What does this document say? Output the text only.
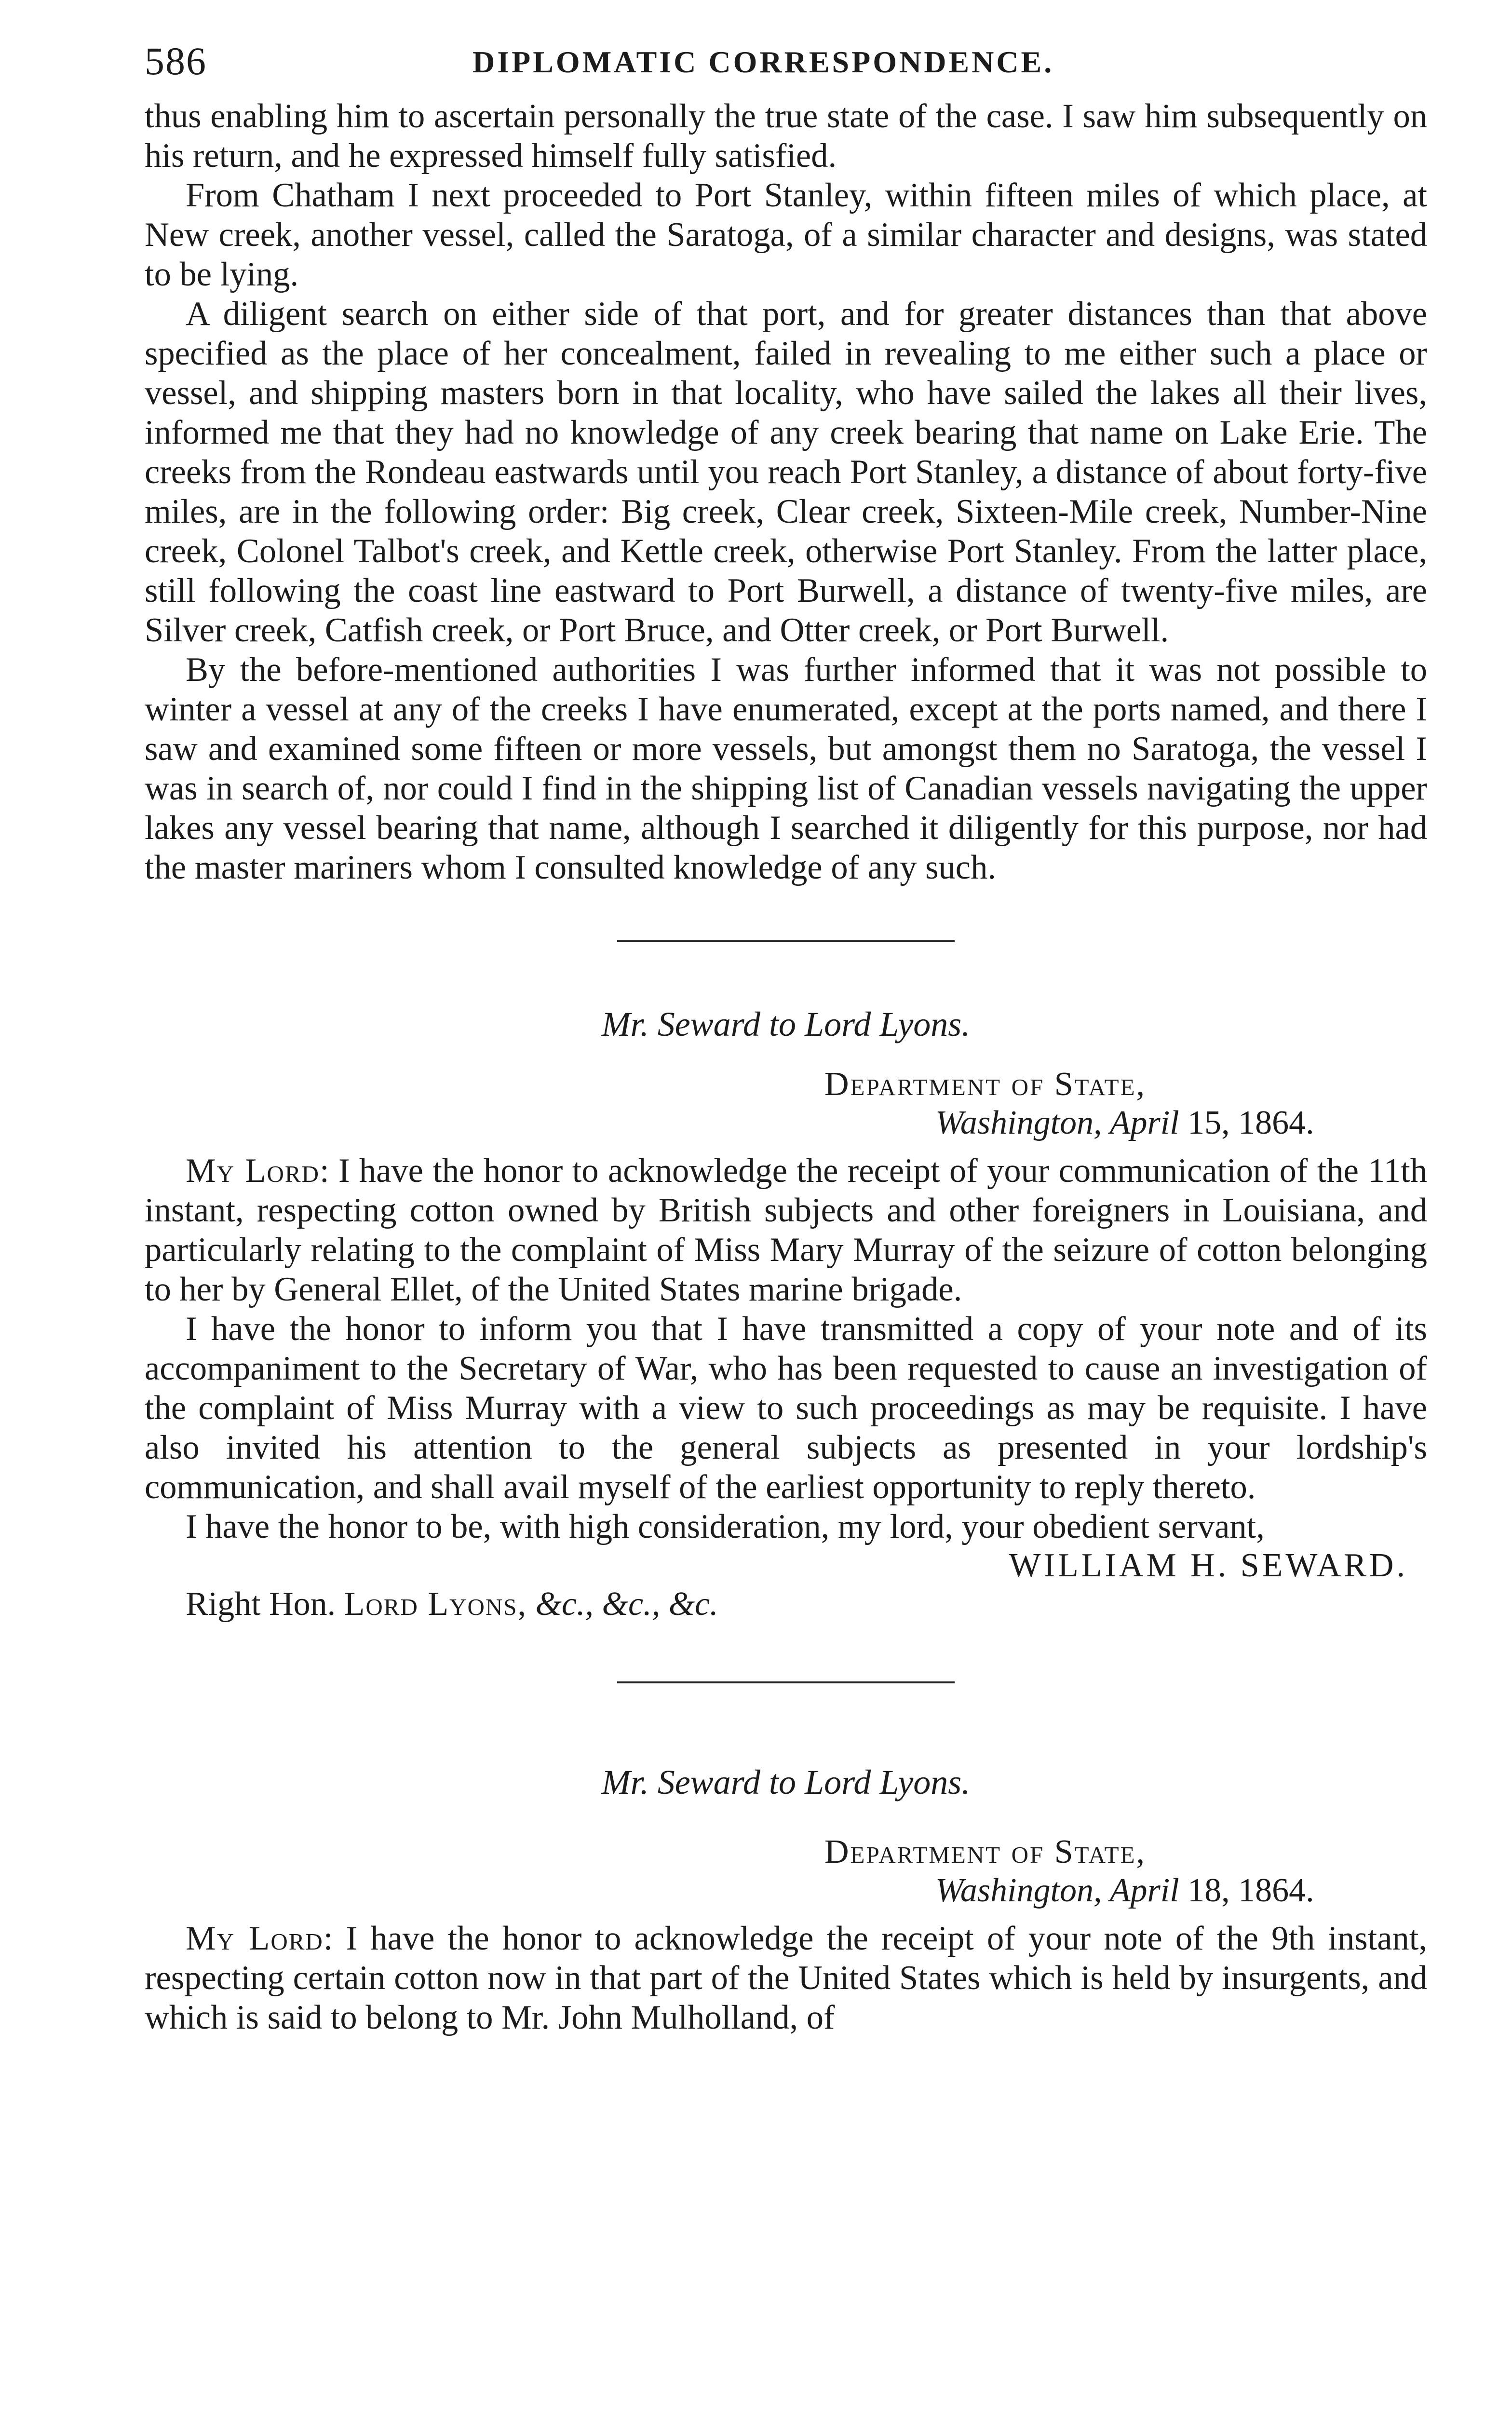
586	DIPLOMATIC CORRESPONDENCE.

thus enabling him to ascertain personally the true state of the case. I saw him subsequently on his return, and he expressed himself fully satisfied.

From Chatham I next proceeded to Port Stanley, within fifteen miles of which place, at New creek, another vessel, called the Saratoga, of a similar character and designs, was stated to be lying.

A diligent search on either side of that port, and for greater distances than that above specified as the place of her concealment, failed in revealing to me either such a place or vessel, and shipping masters born in that locality, who have sailed the lakes all their lives, informed me that they had no knowledge of any creek bearing that name on Lake Erie. The creeks from the Rondeau eastwards until you reach Port Stanley, a distance of about forty-five miles, are in the following order: Big creek, Clear creek, Sixteen-Mile creek, Number-Nine creek, Colonel Talbot's creek, and Kettle creek, otherwise Port Stanley. From the latter place, still following the coast line eastward to Port Burwell, a distance of twenty-five miles, are Silver creek, Catfish creek, or Port Bruce, and Otter creek, or Port Burwell.

By the before-mentioned authorities I was further informed that it was not possible to winter a vessel at any of the creeks I have enumerated, except at the ports named, and there I saw and examined some fifteen or more vessels, but amongst them no Saratoga, the vessel I was in search of, nor could I find in the shipping list of Canadian vessels navigating the upper lakes any vessel bearing that name, although I searched it diligently for this purpose, nor had the master mariners whom I consulted knowledge of any such.

Mr. Seward to Lord Lyons.
Department of State,
Washington, April 15, 1864.

My Lord: I have the honor to acknowledge the receipt of your communication of the 11th instant, respecting cotton owned by British subjects and other foreigners in Louisiana, and particularly relating to the complaint of Miss Mary Murray of the seizure of cotton belonging to her by General Ellet, of the United States marine brigade.

I have the honor to inform you that I have transmitted a copy of your note and of its accompaniment to the Secretary of War, who has been requested to cause an investigation of the complaint of Miss Murray with a view to such proceedings as may be requisite. I have also invited his attention to the general subjects as presented in your lordship's communication, and shall avail myself of the earliest opportunity to reply thereto.

I have the honor to be, with high consideration, my lord, your obedient servant,

WILLIAM H. SEWARD.
Right Hon. Lord Lyons, &c., &c., &c.
Mr. Seward to Lord Lyons.
Department of State,
Washington, April 18, 1864.

My Lord: I have the honor to acknowledge the receipt of your note of the 9th instant, respecting certain cotton now in that part of the United States which is held by insurgents, and which is said to belong to Mr. John Mulholland, of
